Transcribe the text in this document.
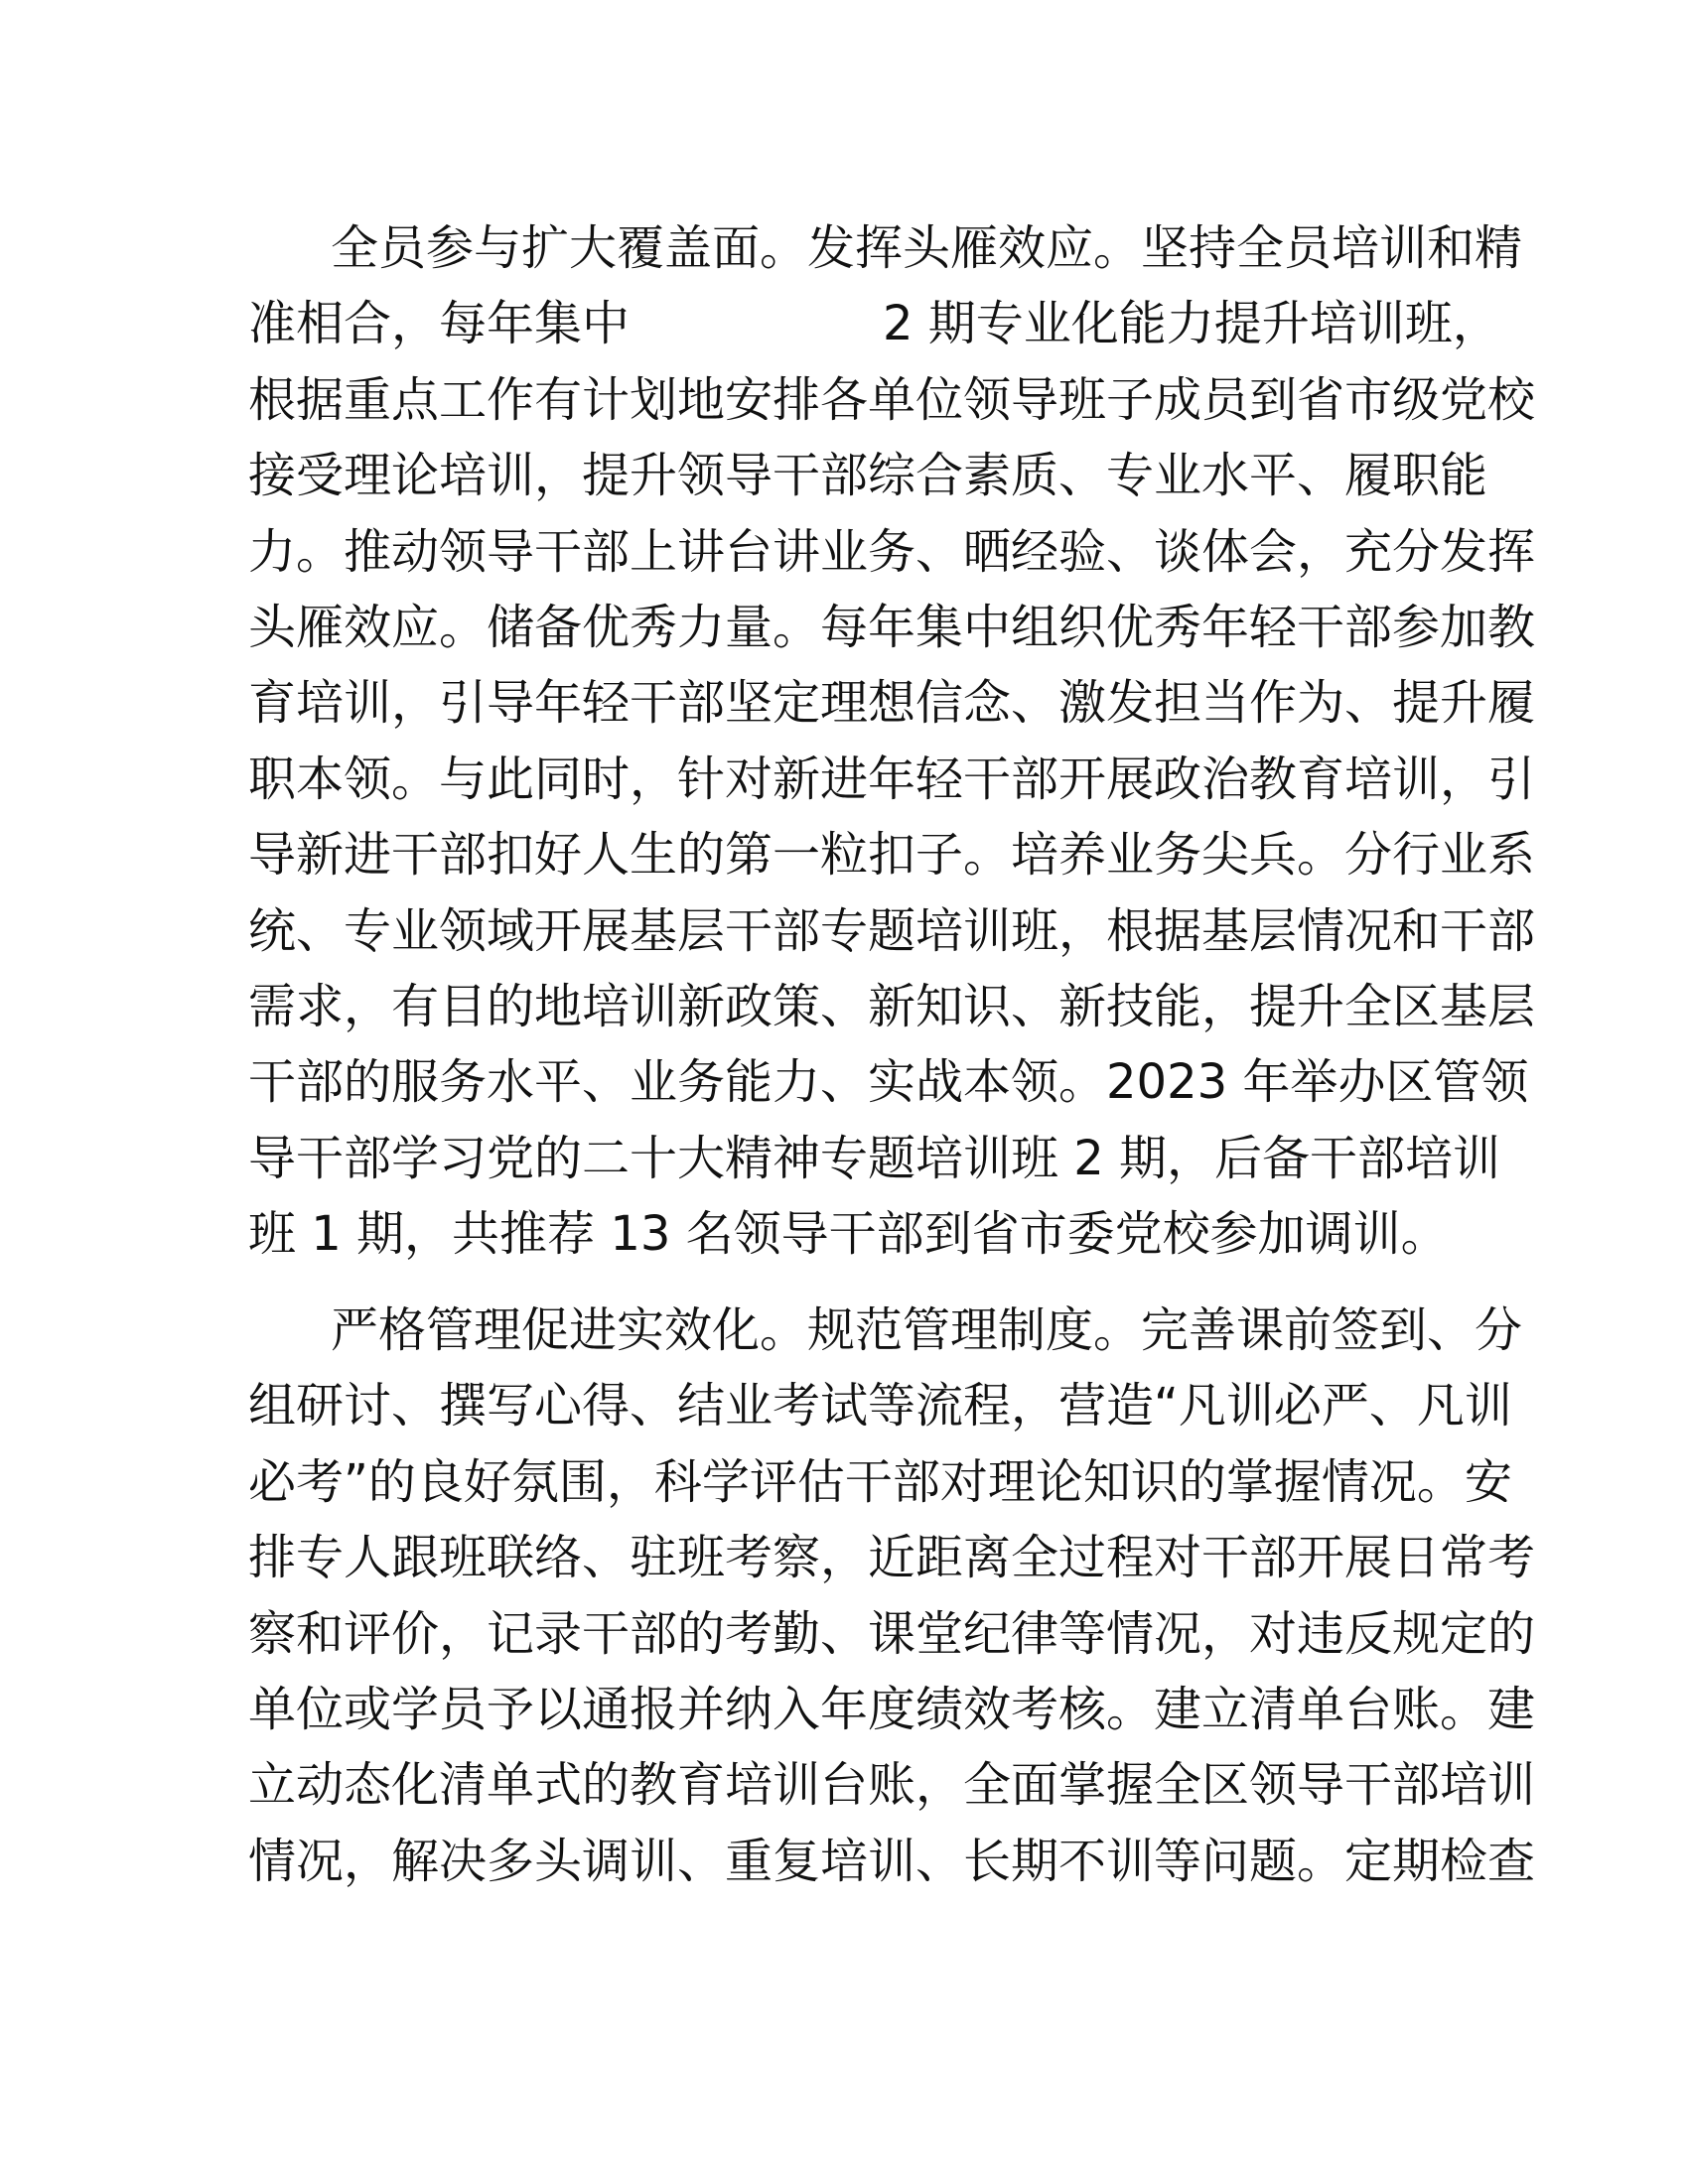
全员参与扩大覆盖面。发挥头雁效应。坚持全员培训和精
准相合，每年集中	2 期专业化能力提升培训班，
根据重点工作有计划地安排各单位领导班子成员到省市级党校
接受理论培训，提升领导干部综合素质、专业水平、履职能
力。推动领导干部上讲台讲业务、晒经验、谈体会，充分发挥
头雁效应。储备优秀力量。每年集中组织优秀年轻干部参加教
育培训，引导年轻干部坚定理想信念、激发担当作为、提升履
职本领。与此同时，针对新进年轻干部开展政治教育培训，引
导新进干部扣好人生的第一粒扣子。培养业务尖兵。分行业系
统、专业领域开展基层干部专题培训班，根据基层情况和干部
需求，有目的地培训新政策、新知识、新技能，提升全区基层
干部的服务水平、业务能力、实战本领。2023 年举办区管领
导干部学习党的二十大精神专题培训班 2 期，后备干部培训
班 1 期，共推荐 13 名领导干部到省市委党校参加调训。
严格管理促进实效化。规范管理制度。完善课前签到、分
组研讨、撰写心得、结业考试等流程，营造“凡训必严、凡训
必考”的良好氛围，科学评估干部对理论知识的掌握情况。安
排专人跟班联络、驻班考察，近距离全过程对干部开展日常考
察和评价，记录干部的考勤、课堂纪律等情况，对违反规定的
单位或学员予以通报并纳入年度绩效考核。建立清单台账。建
立动态化清单式的教育培训台账，全面掌握全区领导干部培训
情况，解决多头调训、重复培训、长期不训等问题。定期检查
